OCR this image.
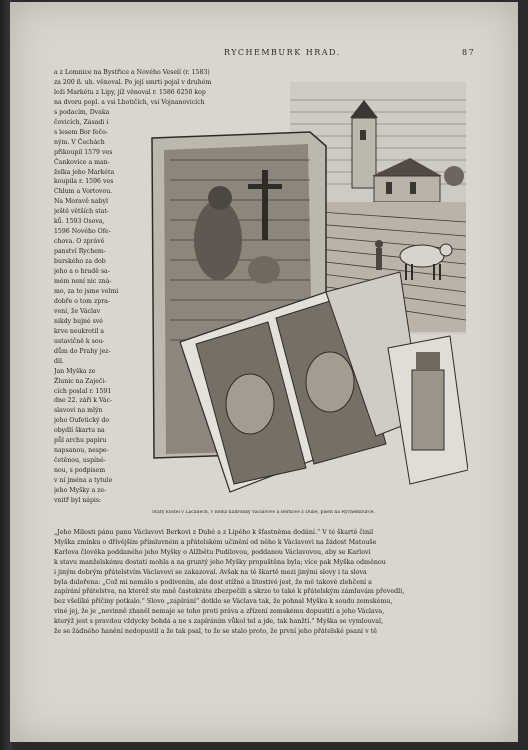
RYCHEMBURK HRAD.	87
a z Lomnice na Bystřice a Nového Veselí (r. 1583)
za 200 ß. uh. věnoval. Po její smrti pojal v druhém
loži Markétu z Lipy, jíž věnoval r. 1586 6250 kop
na dvoru popl. a vsi Lhotičích, vsi Vojnanovicích
s podacím, Dvaka
čovicích, Zásadi i
s lesem Bor fečo-
ným. V Čechách
přikoupil 1579 ves
Čankovice a man-
želka jeho Markéta
koupila r. 1596 ves
Chlum a Vortovou.
Na Moravě nabyl
ještě větších stat-
ků. 1593 Osova,
1596 Nového Ofe-
chova. O zprávě
panství Rychem-
burského za dob
jeho a o hradě sa-
mém není nic zná-
mo, za to jsme velmi
dobře o tom zpra-
veni, že Václav
nikdy bujné své
krve neukrotil a
ustavičně k sou-
dům do Prahy jez-
dil.
Jan Myška ze
Žlunic na Zaječi-
cích poslal r. 1591
dne 22. září k Vác-
slavovi na mlýn
jeho Oufetický do
obydlí škartu na
půl archu papíru
napsanou, nespe-
četěnou, uspíné-
nou, s podpisem
v ní jména a tytule
jeho Myšky a ze-
vnitř byl nápis:
Starý kostel v Lačanech, v němž náhrobky Václavově a Berkově z Dubé, píseň na Rychemburce.
„Jeho Milosti pánu panu Václavovi Berkovi z Dubé a z Lipého k šťastněma dodání.“ V té škartě činil
Myška zmínku o dřívějším přímluvném a přátelském učinění od něho k Václavovi na žádost Matouše
Karlova člověka poddaného jeho Myšky o Alžbětu Pudilovou, poddanou Václavovou, aby se Karlovi
k stavu manželskému dostati mohla a na gruntý jeho Myšky propuštěna byla; více pak Myška odměnou
i jiným dobrým přátelstvím Václavovi se zakazoval. Avšak na tě škartě mezi jinými slovy i ta slova
byla dulořena: „Což mi nemálo s podivením, ale dost stížné a litostivé jest, že mě takové zlehčení a
zapírání přátelstva, na kteréž ste mně častokráte zbezpečili a skrze to také k přátelským zámluvám převedli,
bez všelíké příčiny potkalo.“ Slovo „zapírání“ dotklo se Václava tak, že pohnal Myšku k soudu zemskému,
viné jej, že je „nevinně zhaněl nemaje se toho proti práva a zřízení zemskému dopustiti a jeho Václava,
kterýž jest s pravdou vždycky bohdá a ne s zapíráním vůkol tel a jde, tak hanžtí.“ Myška se vymlouval,
že se žádného hanění nedopustil a že tak psal, to že se stalo proto, že první jeho přátelské psaní v tě
